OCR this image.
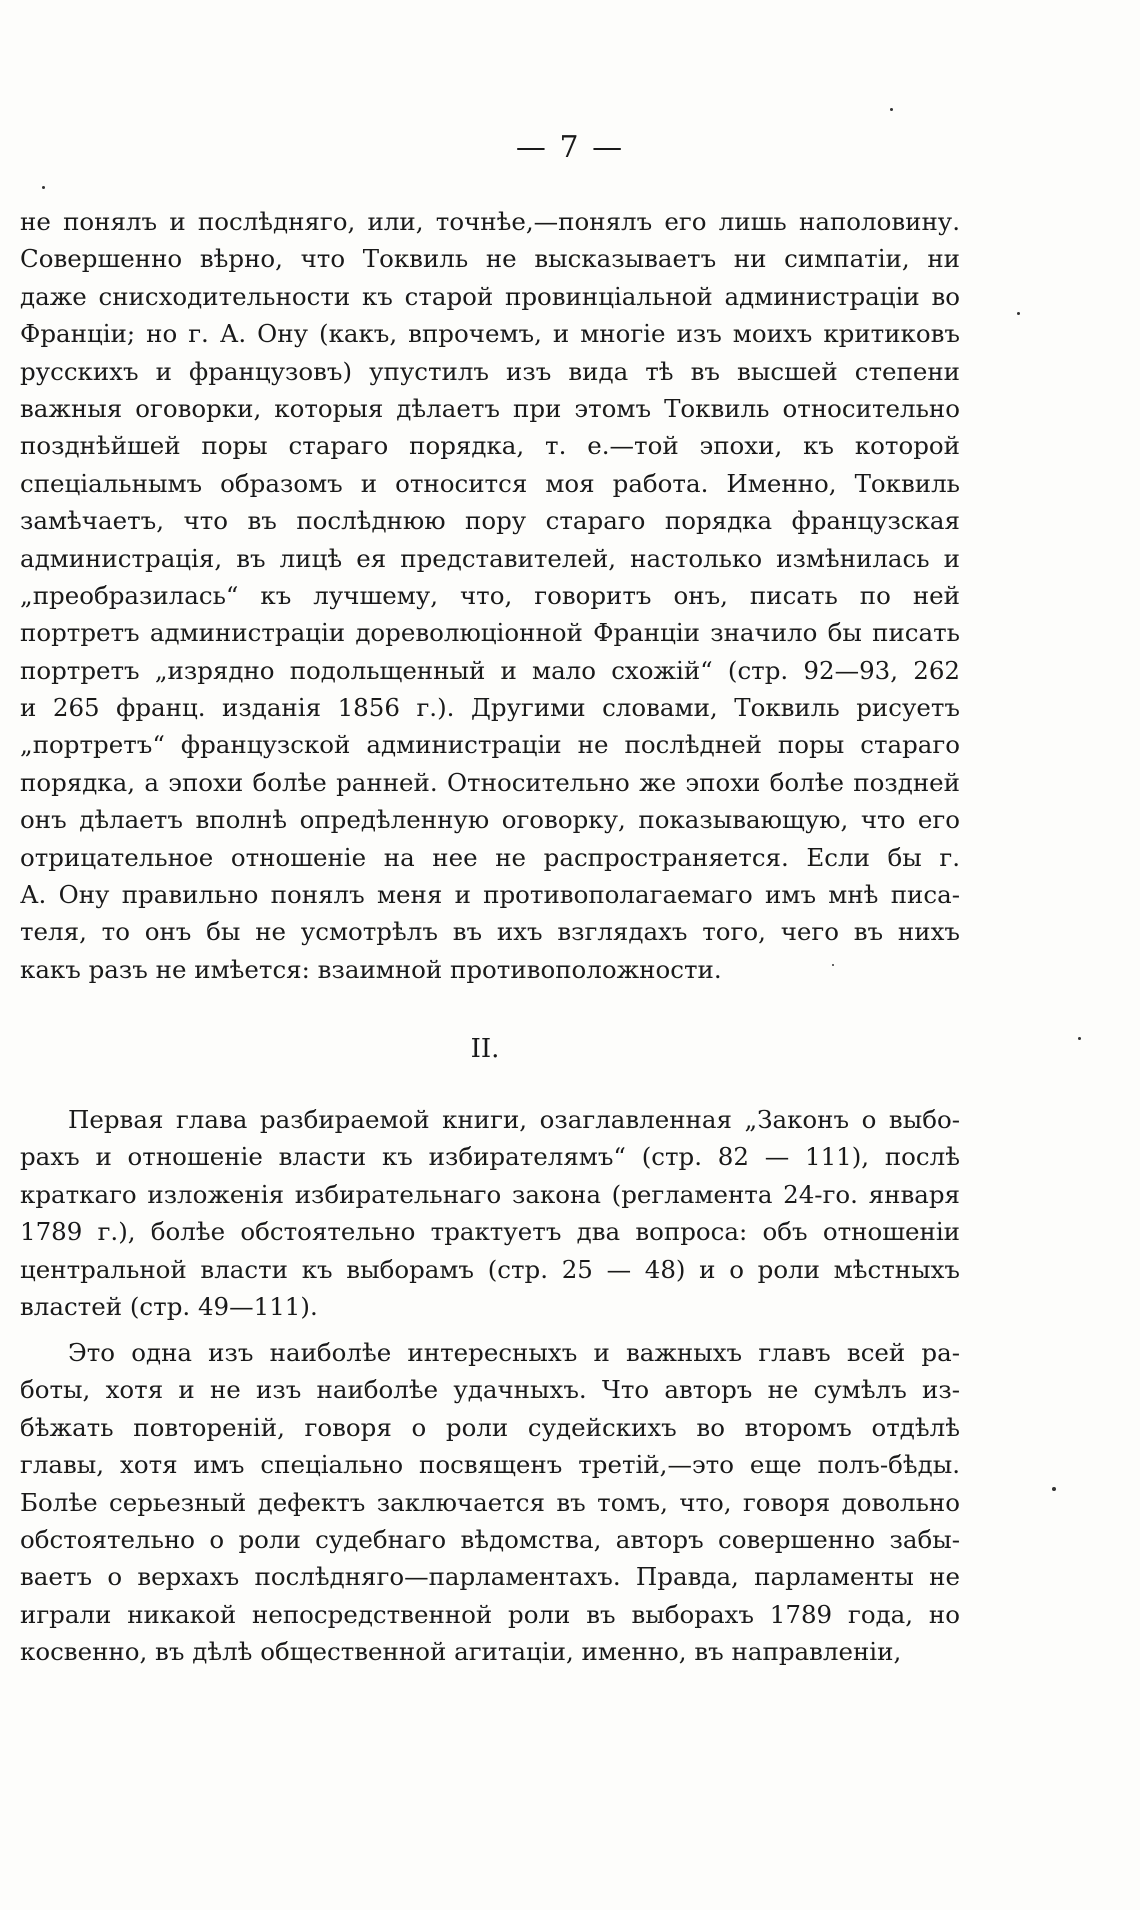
— 7 —
не понялъ и послѣдняго, или, точнѣе,—понялъ его лишь наполовину.
Совершенно вѣрно, что Токвиль не высказываетъ ни симпатіи, ни
даже снисходительности къ старой провинціальной администраціи во
Франціи; но г. А. Ону (какъ, впрочемъ, и многіе изъ моихъ критиковъ
русскихъ и французовъ) упустилъ изъ вида тѣ въ высшей степени
важныя оговорки, которыя дѣлаетъ при этомъ Токвиль относительно
позднѣйшей поры стараго порядка, т. е.—той эпохи, къ которой
спеціальнымъ образомъ и относится моя работа. Именно, Токвиль
замѣчаетъ, что въ послѣднюю пору стараго порядка французская
администрація, въ лицѣ ея представителей, настолько измѣнилась и
„преобразилась“ къ лучшему, что, говоритъ онъ, писать по ней
портретъ администраціи дореволюціонной Франціи значило бы писать
портретъ „изрядно подольщенный и мало схожій“ (стр. 92—93, 262
и 265 франц. изданія 1856 г.). Другими словами, Токвиль рисуетъ
„портретъ“ французской администраціи не послѣдней поры стараго
порядка, а эпохи болѣе ранней. Относительно же эпохи болѣе поздней
онъ дѣлаетъ вполнѣ опредѣленную оговорку, показывающую, что его
отрицательное отношеніе на нее не распространяется. Если бы г.
А. Ону правильно понялъ меня и противополагаемаго имъ мнѣ писа-
теля, то онъ бы не усмотрѣлъ въ ихъ взглядахъ того, чего въ нихъ
какъ разъ не имѣется: взаимной противоположности.
II.
Первая глава разбираемой книги, озаглавленная „Законъ о выбо-
рахъ и отношеніе власти къ избирателямъ“ (стр. 82 — 111), послѣ
краткаго изложенія избирательнаго закона (регламента 24-го. января
1789 г.), болѣе обстоятельно трактуетъ два вопроса: объ отношеніи
центральной власти къ выборамъ (стр. 25 — 48) и о роли мѣстныхъ
властей (стр. 49—111).
Это одна изъ наиболѣе интересныхъ и важныхъ главъ всей ра-
боты, хотя и не изъ наиболѣе удачныхъ. Что авторъ не сумѣлъ из-
бѣжать повтореній, говоря о роли судейскихъ во второмъ отдѣлѣ
главы, хотя имъ спеціально посвященъ третій,—это еще полъ-бѣды.
Болѣе серьезный дефектъ заключается въ томъ, что, говоря довольно
обстоятельно о роли судебнаго вѣдомства, авторъ совершенно забы-
ваетъ о верхахъ послѣдняго—парламентахъ. Правда, парламенты не
играли никакой непосредственной роли въ выборахъ 1789 года, но
косвенно, въ дѣлѣ общественной агитаціи, именно, въ направленіи,
